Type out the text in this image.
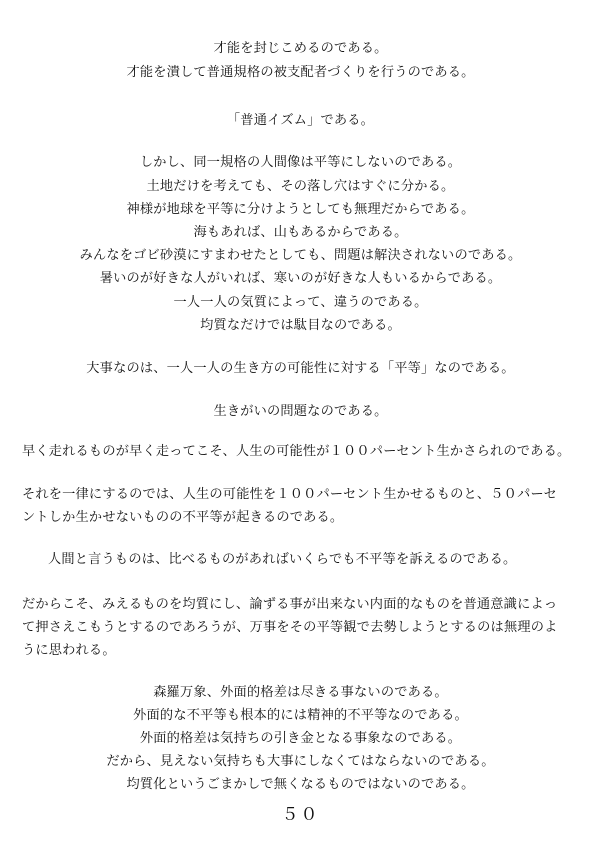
才能を封じこめるのである。
才能を潰して普通規格の被支配者づくりを行うのである。
「普通イズム」である。
しかし、同一規格の人間像は平等にしないのである。
土地だけを考えても、その落し穴はすぐに分かる。
神様が地球を平等に分けようとしても無理だからである。
海もあれば、山もあるからである。
みんなをゴビ砂漠にすまわせたとしても、問題は解決されないのである。
暑いのが好きな人がいれば、寒いのが好きな人もいるからである。
一人一人の気質によって、違うのである。
均質なだけでは駄目なのである。
大事なのは、一人一人の生き方の可能性に対する「平等」なのである。
生きがいの問題なのである。
早く走れるものが早く走ってこそ、人生の可能性が１００パーセント生かさられのである。
それを一律にするのでは、人生の可能性を１００パーセント生かせるものと、５０パーセ
ントしか生かせないものの不平等が起きるのである。
人間と言うものは、比べるものがあればいくらでも不平等を訴えるのである。
だからこそ、みえるものを均質にし、論ずる事が出来ない内面的なものを普通意識によっ
て押さえこもうとするのであろうが、万事をその平等観で去勢しようとするのは無理のよ
うに思われる。
森羅万象、外面的格差は尽きる事ないのである。
外面的な不平等も根本的には精神的不平等なのである。
外面的格差は気持ちの引き金となる事象なのである。
だから、見えない気持ちも大事にしなくてはならないのである。
均質化というごまかしで無くなるものではないのである。
５０
